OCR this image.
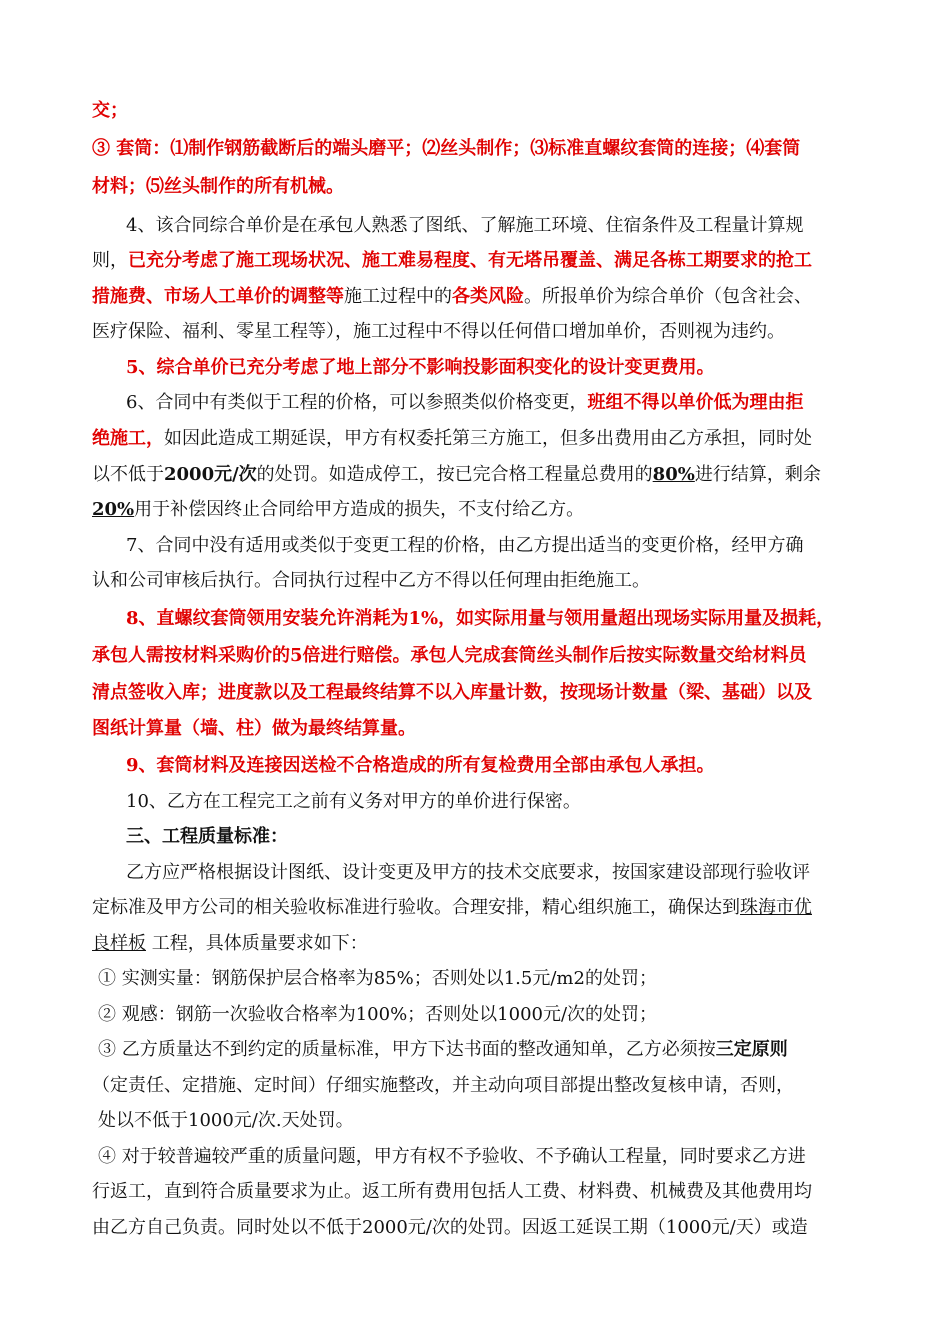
交；
③ 套筒：⑴制作钢筋截断后的端头磨平；⑵丝头制作；⑶标准直螺纹套筒的连接；⑷套筒
材料；⑸丝头制作的所有机械。
4、该合同综合单价是在承包人熟悉了图纸、了解施工环境、住宿条件及工程量计算规
则，已充分考虑了施工现场状况、施工难易程度、有无塔吊覆盖、满足各栋工期要求的抢工
措施费、市场人工单价的调整等施工过程中的各类风险。所报单价为综合单价（包含社会、
医疗保险、福利、零星工程等），施工过程中不得以任何借口增加单价，否则视为违约。
5、综合单价已充分考虑了地上部分不影响投影面积变化的设计变更费用。
6、合同中有类似于工程的价格，可以参照类似价格变更，班组不得以单价低为理由拒
绝施工，如因此造成工期延误，甲方有权委托第三方施工，但多出费用由乙方承担，同时处
以不低于2000元/次的处罚。如造成停工，按已完合格工程量总费用的80%进行结算，剩余
20%用于补偿因终止合同给甲方造成的损失，不支付给乙方。
7、合同中没有适用或类似于变更工程的价格，由乙方提出适当的变更价格，经甲方确
认和公司审核后执行。合同执行过程中乙方不得以任何理由拒绝施工。
8、直螺纹套筒领用安装允许消耗为1%，如实际用量与领用量超出现场实际用量及损耗，
承包人需按材料采购价的5倍进行赔偿。承包人完成套筒丝头制作后按实际数量交给材料员
清点签收入库；进度款以及工程最终结算不以入库量计数，按现场计数量（梁、基础）以及
图纸计算量（墙、柱）做为最终结算量。
9、套筒材料及连接因送检不合格造成的所有复检费用全部由承包人承担。
10、乙方在工程完工之前有义务对甲方的单价进行保密。
三、工程质量标准：
乙方应严格根据设计图纸、设计变更及甲方的技术交底要求，按国家建设部现行验收评
定标准及甲方公司的相关验收标准进行验收。合理安排，精心组织施工，确保达到珠海市优
良样板 工程，具体质量要求如下：
① 实测实量：钢筋保护层合格率为85%；否则处以1.5元/m2的处罚；
② 观感：钢筋一次验收合格率为100%；否则处以1000元/次的处罚；
③ 乙方质量达不到约定的质量标准，甲方下达书面的整改通知单，乙方必须按三定原则
（定责任、定措施、定时间）仔细实施整改，并主动向项目部提出整改复核申请，否则，
处以不低于1000元/次.天处罚。
④ 对于较普遍较严重的质量问题，甲方有权不予验收、不予确认工程量，同时要求乙方进
行返工，直到符合质量要求为止。返工所有费用包括人工费、材料费、机械费及其他费用均
由乙方自己负责。同时处以不低于2000元/次的处罚。因返工延误工期（1000元/天）或造
